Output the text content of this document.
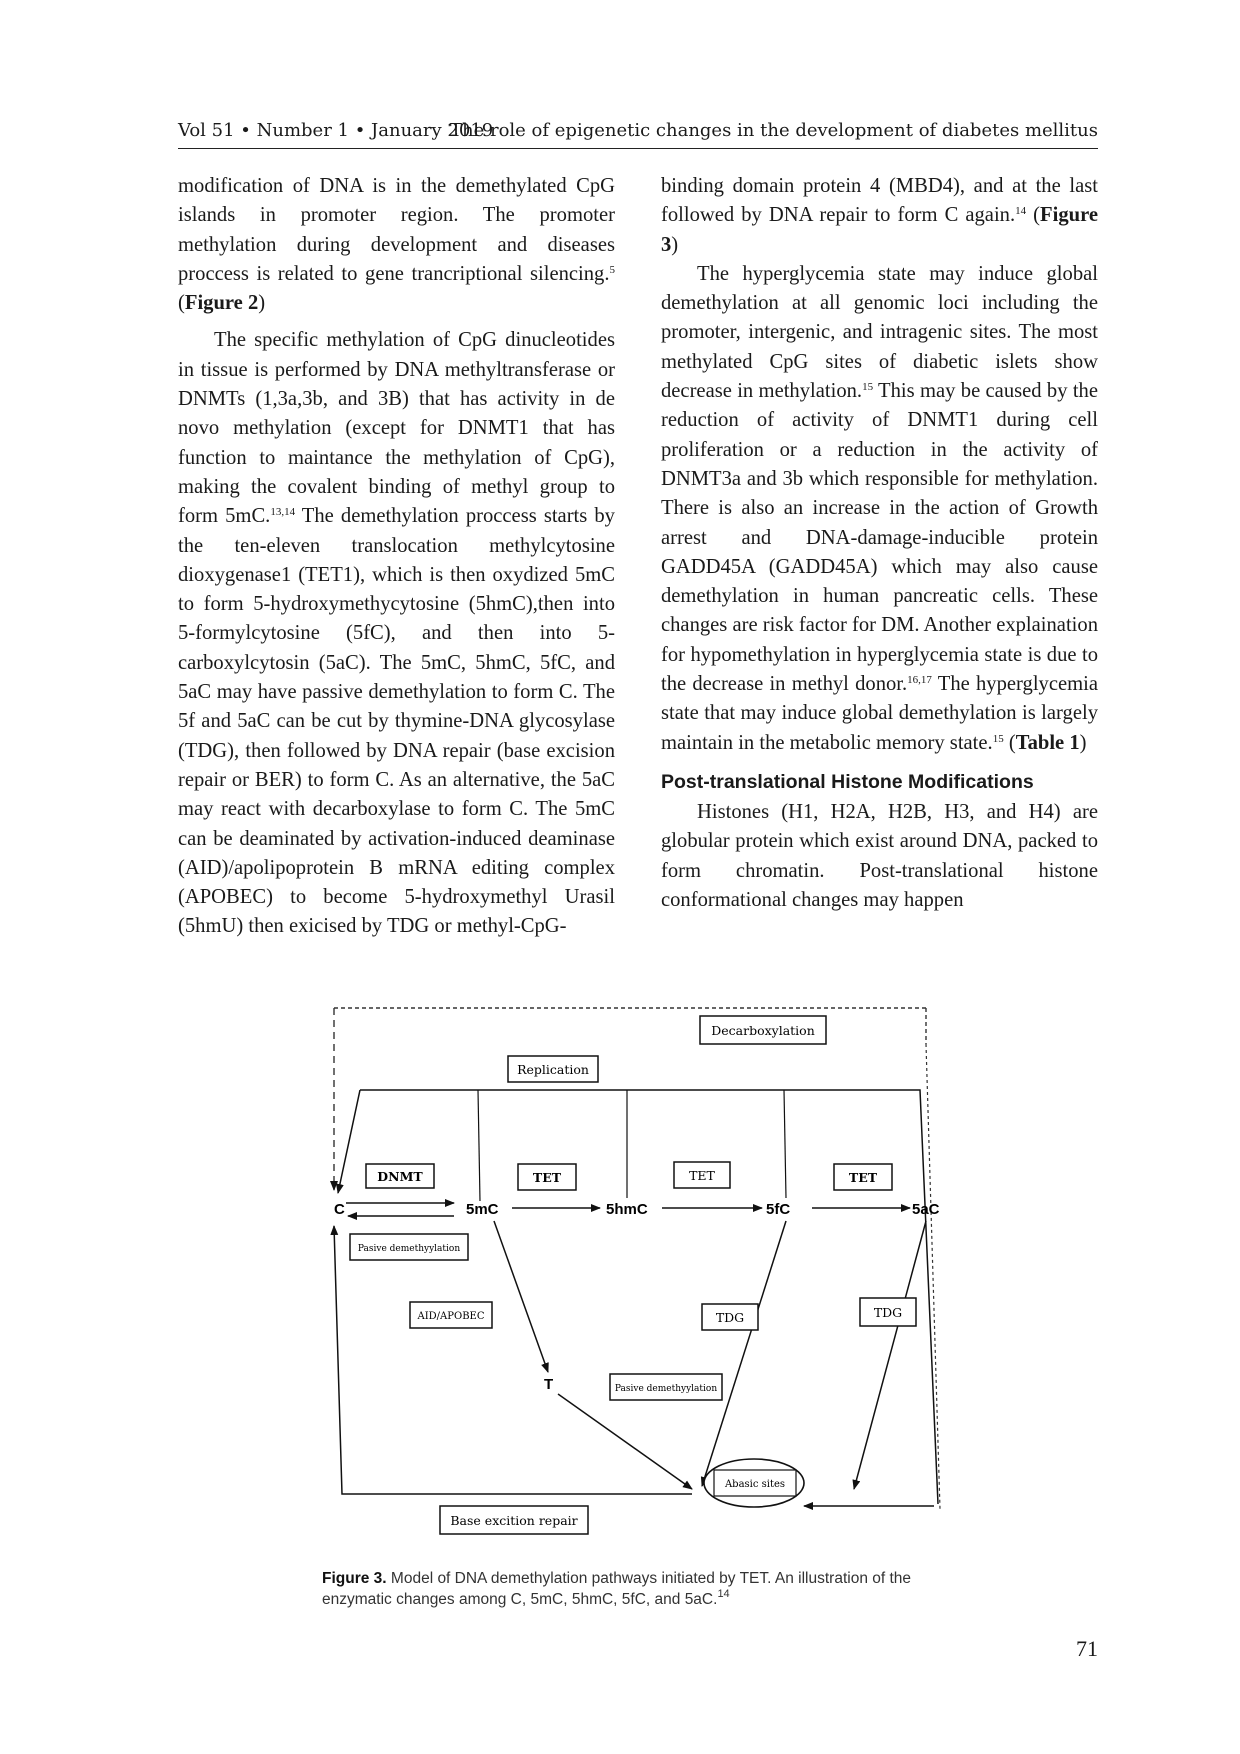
Vol 51 • Number 1 • January 2019
The role of epigenetic changes in the development of diabetes mellitus

modification of DNA is in the demethylated CpG islands in promoter region. The promoter methylation during development and diseases proccess is related to gene trancriptional silencing.$^5$ (Figure 2)

The specific methylation of CpG dinucleotides in tissue is performed by DNA methyltransferase or DNMTs (1,3a,3b, and 3B) that has activity in de novo methylation (except for DNMT1 that has function to maintance the methylation of CpG), making the covalent binding of methyl group to form 5mC.$^{13,14}$ The demethylation proccess starts by the ten-eleven translocation methylcytosine dioxygenase1 (TET1), which is then oxydized 5mC to form 5-hydroxymethycytosine (5hmC),then into 5-formylcytosine (5fC), and then into 5-carboxylcytosin (5aC). The 5mC, 5hmC, 5fC, and 5aC may have passive demethylation to form C. The 5f and 5aC can be cut by thymine-DNA glycosylase (TDG), then followed by DNA repair (base excision repair or BER) to form C. As an alternative, the 5aC may react with decarboxylase to form C. The 5mC can be deaminated by activation-induced deaminase (AID)/apolipoprotein B mRNA editing complex (APOBEC) to become 5-hydroxymethyl Urasil (5hmU) then exicised by TDG or methyl-CpG-

binding domain protein 4 (MBD4), and at the last followed by DNA repair to form C again.$^{14}$ (Figure 3)

The hyperglycemia state may induce global demethylation at all genomic loci including the promoter, intergenic, and intragenic sites. The most methylated CpG sites of diabetic islets show decrease in methylation.$^{15}$ This may be caused by the reduction of activity of DNMT1 during cell proliferation or a reduction in the activity of DNMT3a and 3b which responsible for methylation. There is also an increase in the action of Growth arrest and DNA-damage-inducible protein GADD45A (GADD45A) which may also cause demethylation in human pancreatic cells. These changes are risk factor for DM. Another explaination for hypomethylation in hyperglycemia state is due to the decrease in methyl donor.$^{16,17}$ The hyperglycemia state that may induce global demethylation is largely maintain in the metabolic memory state.$^{15}$ (Table 1)

Post-translational Histone Modifications

Histones (H1, H2A, H2B, H3, and H4) are globular protein which exist around DNA, packed to form chromatin. Post-translational histone conformational changes may happen

Decarboxylation
Replication
DNMT	TET	TET	TET
Pasive demethyylation
AID/APOBEC	TDG	TDG
Pasive demethyylation
Abasic sites
Base excition repair
C	5mC	5hmC	5fC	5aC
T
Figure 3. Model of DNA demethylation pathways initiated by TET. An illustration of the enzymatic changes among C, 5mC, 5hmC, 5fC, and 5aC.$^{14}$
71
